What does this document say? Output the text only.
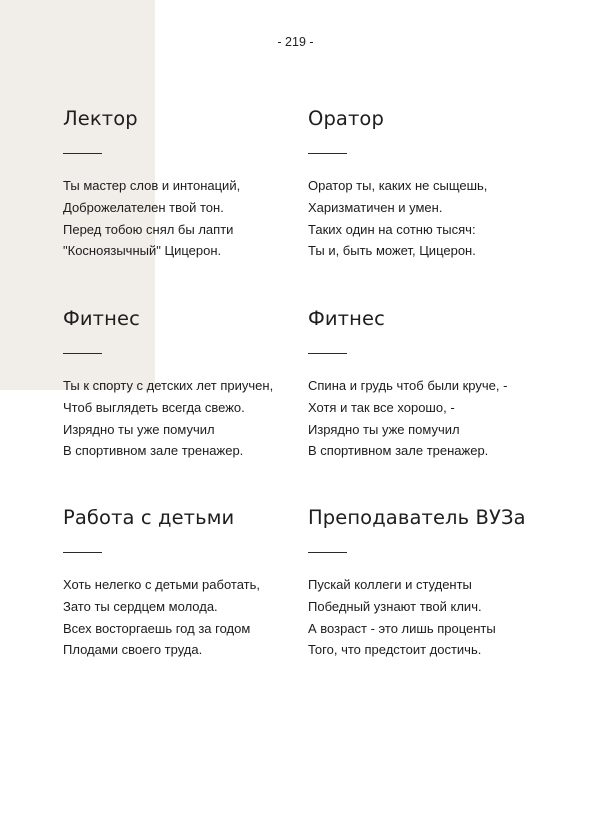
- 219 -
Лектор
Ты мастер слов и интонаций,
Доброжелателен твой тон.
Перед тобою снял бы лапти
"Косноязычный" Цицерон.
Оратор
Оратор ты, каких не сыщешь,
Харизматичен и умен.
Таких один на сотню тысяч:
Ты и, быть может, Цицерон.
Фитнес
Ты к спорту с детских лет приучен,
Чтоб выглядеть всегда свежо.
Изрядно ты уже помучил
В спортивном зале тренажер.
Фитнес
Спина и грудь чтоб были круче, -
Хотя и так все хорошо, -
Изрядно ты уже помучил
В спортивном зале тренажер.
Работа с детьми
Хоть нелегко с детьми работать,
Зато ты сердцем молода.
Всех восторгаешь год за годом
Плодами своего труда.
Преподаватель ВУЗа
Пускай коллеги и студенты
Победный узнают твой клич.
А возраст - это лишь проценты
Того, что предстоит достичь.
